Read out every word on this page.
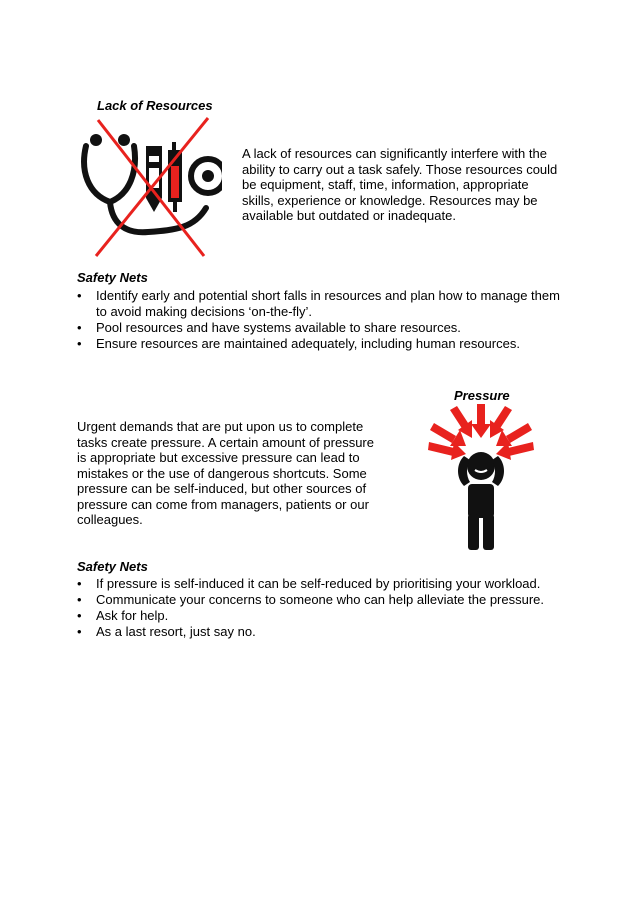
Lack of Resources
A lack of resources can significantly interfere with the ability to carry out a task safely. Those resources could be equipment, staff, time, information, appropriate skills, experience or knowledge. Resources may be available but outdated or inadequate.
Safety Nets
• Identify early and potential short falls in resources and plan how to manage them to avoid making decisions ‘on-the-fly’.
• Pool resources and have systems available to share resources.
• Ensure resources are maintained adequately, including human resources.
Pressure
Urgent demands that are put upon us to complete tasks create pressure. A certain amount of pressure is appropriate but excessive pressure can lead to mistakes or the use of dangerous shortcuts. Some pressure can be self-induced, but other sources of pressure can come from managers, patients or our colleagues.
Safety Nets
• If pressure is self-induced it can be self-reduced by prioritising your workload.
• Communicate your concerns to someone who can help alleviate the pressure.
• Ask for help.
• As a last resort, just say no.
